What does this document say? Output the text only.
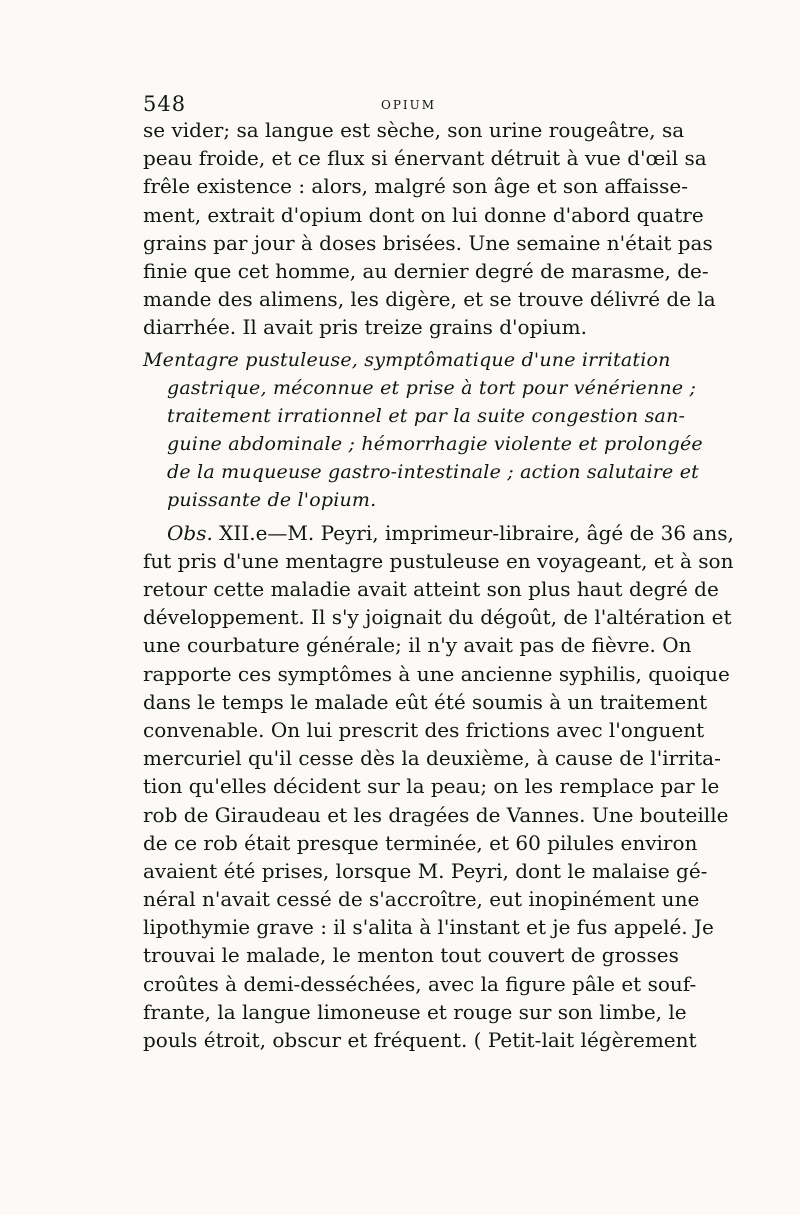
548	OPIUM
se vider; sa langue est sèche, son urine rougeâtre, sa
peau froide, et ce flux si énervant détruit à vue d'œil sa
frêle existence : alors, malgré son âge et son affaisse-
ment, extrait d'opium dont on lui donne d'abord quatre
grains par jour à doses brisées. Une semaine n'était pas
finie que cet homme, au dernier degré de marasme, de-
mande des alimens, les digère, et se trouve délivré de la
diarrhée. Il avait pris treize grains d'opium.
Mentagre pustuleuse, symptômatique d'une irritation
gastrique, méconnue et prise à tort pour vénérienne ;
traitement irrationnel et par la suite congestion san-
guine abdominale ; hémorrhagie violente et prolongée
de la muqueuse gastro-intestinale ; action salutaire et
puissante de l'opium.
Obs. XII.e—M. Peyri, imprimeur-libraire, âgé de 36 ans,
fut pris d'une mentagre pustuleuse en voyageant, et à son
retour cette maladie avait atteint son plus haut degré de
développement. Il s'y joignait du dégoût, de l'altération et
une courbature générale; il n'y avait pas de fièvre. On
rapporte ces symptômes à une ancienne syphilis, quoique
dans le temps le malade eût été soumis à un traitement
convenable. On lui prescrit des frictions avec l'onguent
mercuriel qu'il cesse dès la deuxième, à cause de l'irrita-
tion qu'elles décident sur la peau; on les remplace par le
rob de Giraudeau et les dragées de Vannes. Une bouteille
de ce rob était presque terminée, et 60 pilules environ
avaient été prises, lorsque M. Peyri, dont le malaise gé-
néral n'avait cessé de s'accroître, eut inopinément une
lipothymie grave : il s'alita à l'instant et je fus appelé. Je
trouvai le malade, le menton tout couvert de grosses
croûtes à demi-desséchées, avec la figure pâle et souf-
frante, la langue limoneuse et rouge sur son limbe, le
pouls étroit, obscur et fréquent. ( Petit-lait légèrement
